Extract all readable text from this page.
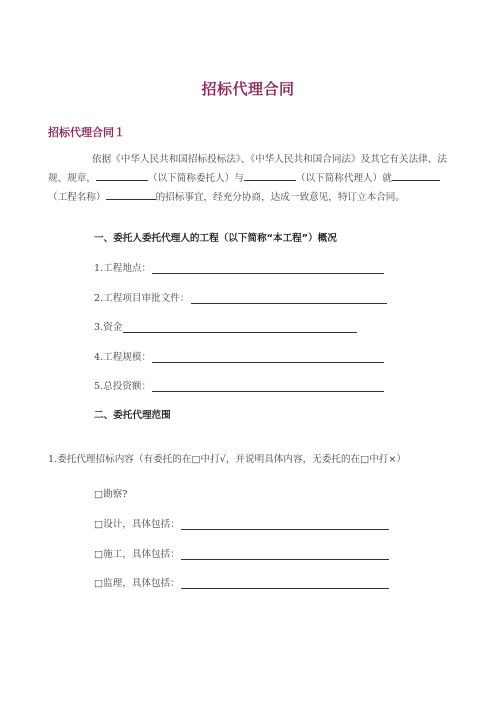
招标代理合同
招标代理合同１
依据《中华人民共和国招标投标法》、《中华人民共和国合同法》及其它有关法律、法规、规章，	（以下简称委托人）与	（以下简称代理人）就（工程名称）	的招标事宜，经充分协商，达成一致意见，特订立本合同。
一、委托人委托代理人的工程（以下简称“本工程”）概况
1.工程地点：
2.工程项目审批文件：
3.资金
4.工程规模：
5.总投资额：
二、委托代理范围
1.委托代理招标内容（有委托的在□中打√，并说明具体内容，无委托的在□中打×）
□勘察?
□设计，具体包括：
□施工，具体包括：
□监理，具体包括：
